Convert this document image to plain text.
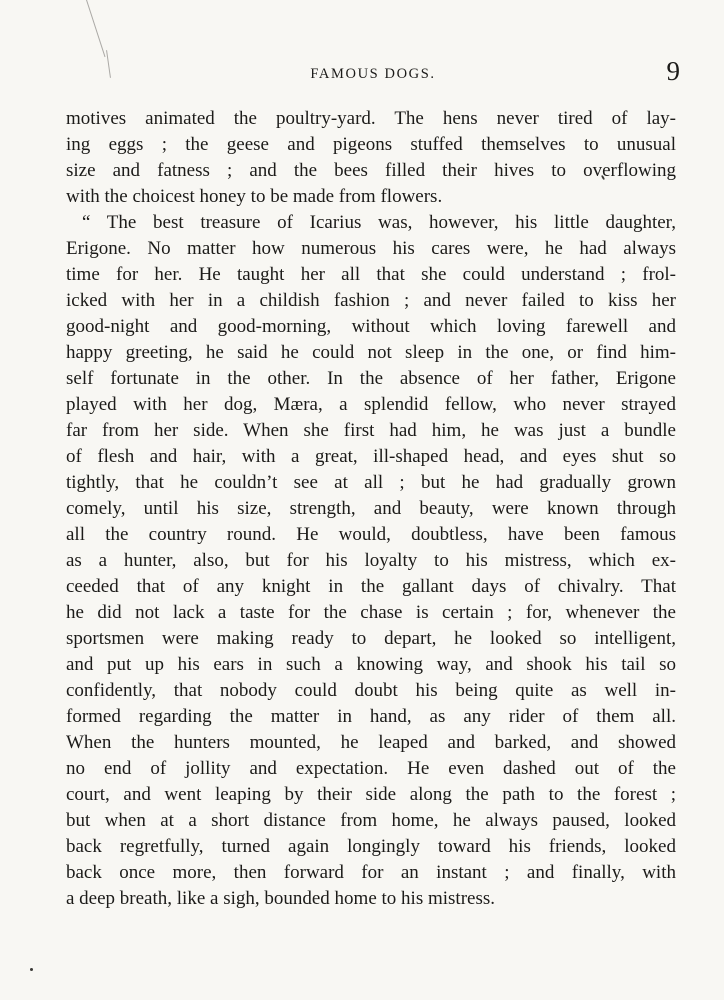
FAMOUS DOGS.	9
motives animated the poultry-yard. The hens never tired of lay-
ing eggs ; the geese and pigeons stuffed themselves to unusual
size and fatness ; and the bees filled their hives to overflowing
with the choicest honey to be made from flowers.
“ The best treasure of Icarius was, however, his little daughter,
Erigone. No matter how numerous his cares were, he had always
time for her. He taught her all that she could understand ; frol-
icked with her in a childish fashion ; and never failed to kiss her
good-night and good-morning, without which loving farewell and
happy greeting, he said he could not sleep in the one, or find him-
self fortunate in the other. In the absence of her father, Erigone
played with her dog, Mæra, a splendid fellow, who never strayed
far from her side. When she first had him, he was just a bundle
of flesh and hair, with a great, ill-shaped head, and eyes shut so
tightly, that he couldn’t see at all ; but he had gradually grown
comely, until his size, strength, and beauty, were known through
all the country round. He would, doubtless, have been famous
as a hunter, also, but for his loyalty to his mistress, which ex-
ceeded that of any knight in the gallant days of chivalry. That
he did not lack a taste for the chase is certain ; for, whenever the
sportsmen were making ready to depart, he looked so intelligent,
and put up his ears in such a knowing way, and shook his tail so
confidently, that nobody could doubt his being quite as well in-
formed regarding the matter in hand, as any rider of them all.
When the hunters mounted, he leaped and barked, and showed
no end of jollity and expectation. He even dashed out of the
court, and went leaping by their side along the path to the forest ;
but when at a short distance from home, he always paused, looked
back regretfully, turned again longingly toward his friends, looked
back once more, then forward for an instant ; and finally, with
a deep breath, like a sigh, bounded home to his mistress.
